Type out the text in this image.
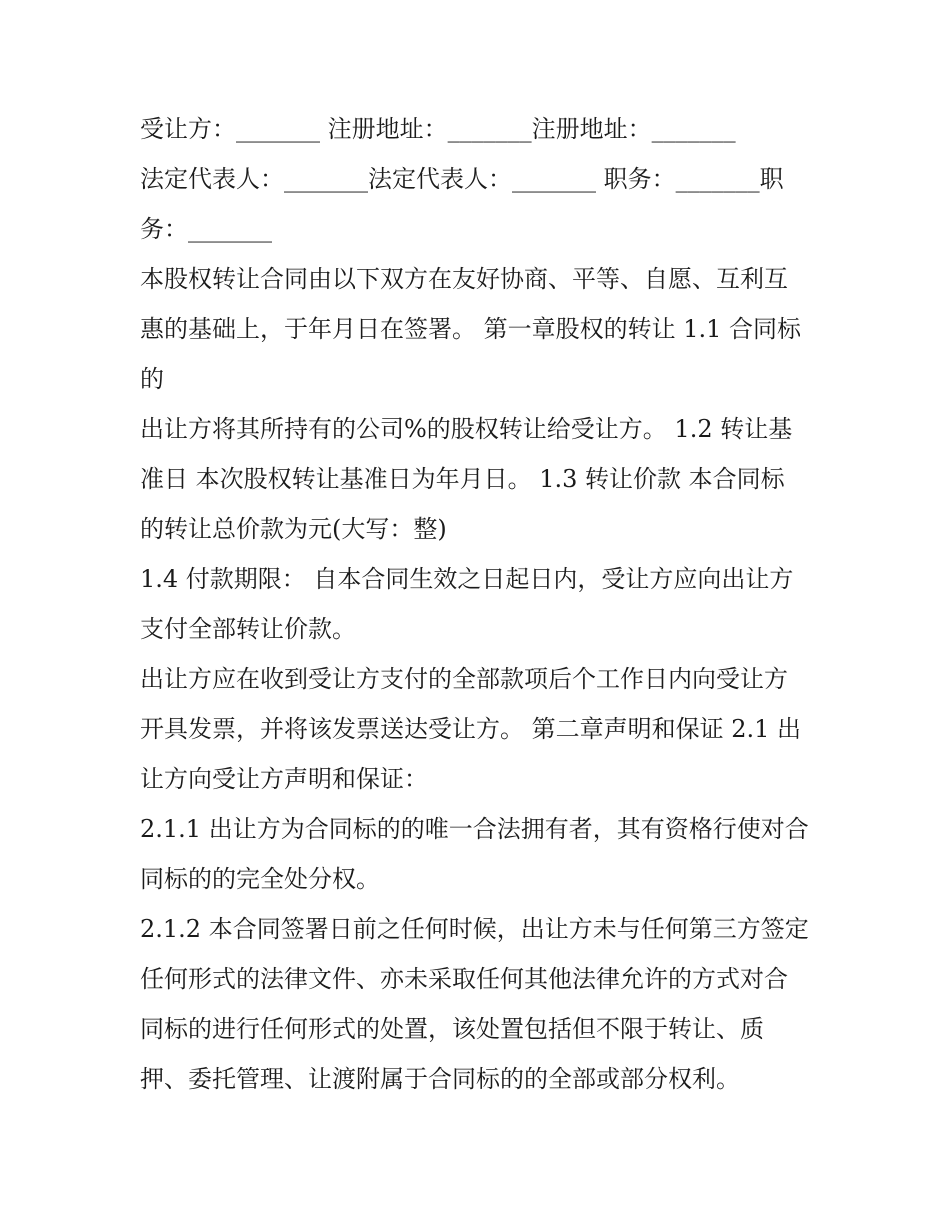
受让方：_______ 注册地址：_______注册地址：_______

法定代表人：_______法定代表人：_______ 职务：_______职
务：_______

本股权转让合同由以下双方在友好协商、平等、自愿、互利互
惠的基础上，于年月日在签署。 第一章股权的转让 1.1 合同标
的

出让方将其所持有的公司%的股权转让给受让方。 1.2 转让基
准日 本次股权转让基准日为年月日。 1.3 转让价款 本合同标
的转让总价款为元(大写：整)

1.4 付款期限： 自本合同生效之日起日内，受让方应向出让方
支付全部转让价款。

出让方应在收到受让方支付的全部款项后个工作日内向受让方
开具发票，并将该发票送达受让方。 第二章声明和保证 2.1 出
让方向受让方声明和保证：

2.1.1 出让方为合同标的的唯一合法拥有者，其有资格行使对合
同标的的完全处分权。

2.1.2 本合同签署日前之任何时候，出让方未与任何第三方签定
任何形式的法律文件、亦未采取任何其他法律允许的方式对合
同标的进行任何形式的处置，该处置包括但不限于转让、质
押、委托管理、让渡附属于合同标的的全部或部分权利。
